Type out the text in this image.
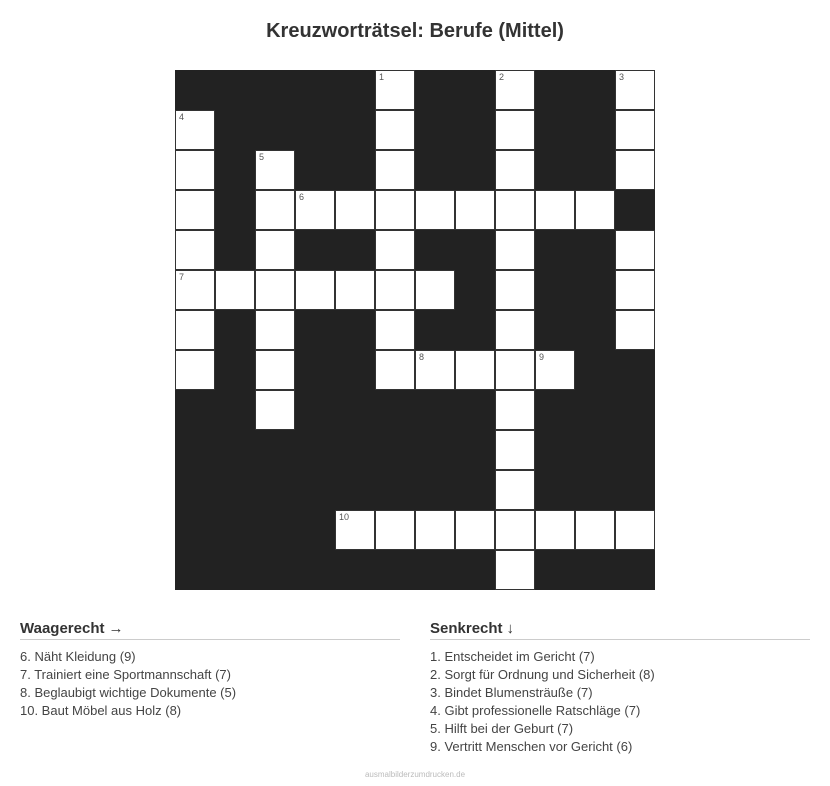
Kreuzworträtsel: Berufe (Mittel)
1	2	3
4
5
6
7
8	9
10
Waagerecht →
6. Näht Kleidung (9)
7. Trainiert eine Sportmannschaft (7)
8. Beglaubigt wichtige Dokumente (5)
10. Baut Möbel aus Holz (8)
Senkrecht ↓
1. Entscheidet im Gericht (7)
2. Sorgt für Ordnung und Sicherheit (8)
3. Bindet Blumensträuße (7)
4. Gibt professionelle Ratschläge (7)
5. Hilft bei der Geburt (7)
9. Vertritt Menschen vor Gericht (6)
ausmalbilderzumdrucken.de
